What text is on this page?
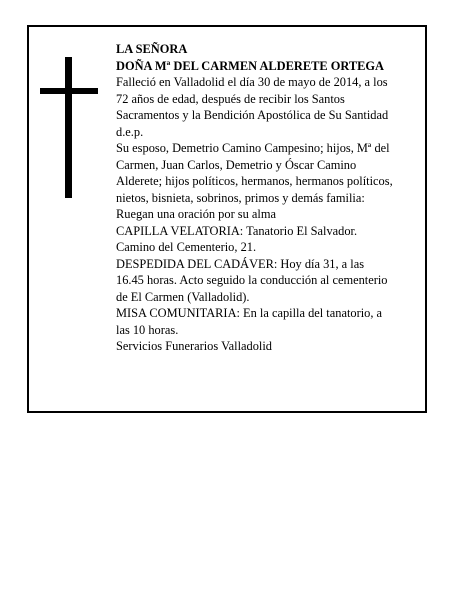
LA SEÑORA
DOÑA Mª DEL CARMEN ALDERETE ORTEGA
Falleció en Valladolid el día 30 de mayo de 2014, a los
72 años de edad, después de recibir los Santos
Sacramentos y la Bendición Apostólica de Su Santidad
d.e.p.
Su esposo, Demetrio Camino Campesino; hijos, Mª del
Carmen, Juan Carlos, Demetrio y Óscar Camino
Alderete; hijos políticos, hermanos, hermanos políticos,
nietos, bisnieta, sobrinos, primos y demás familia:
Ruegan una oración por su alma
CAPILLA VELATORIA: Tanatorio El Salvador.
Camino del Cementerio, 21.
DESPEDIDA DEL CADÁVER: Hoy día 31, a las
16.45 horas. Acto seguido la conducción al cementerio
de El Carmen (Valladolid).
MISA COMUNITARIA: En la capilla del tanatorio, a
las 10 horas.
Servicios Funerarios Valladolid
